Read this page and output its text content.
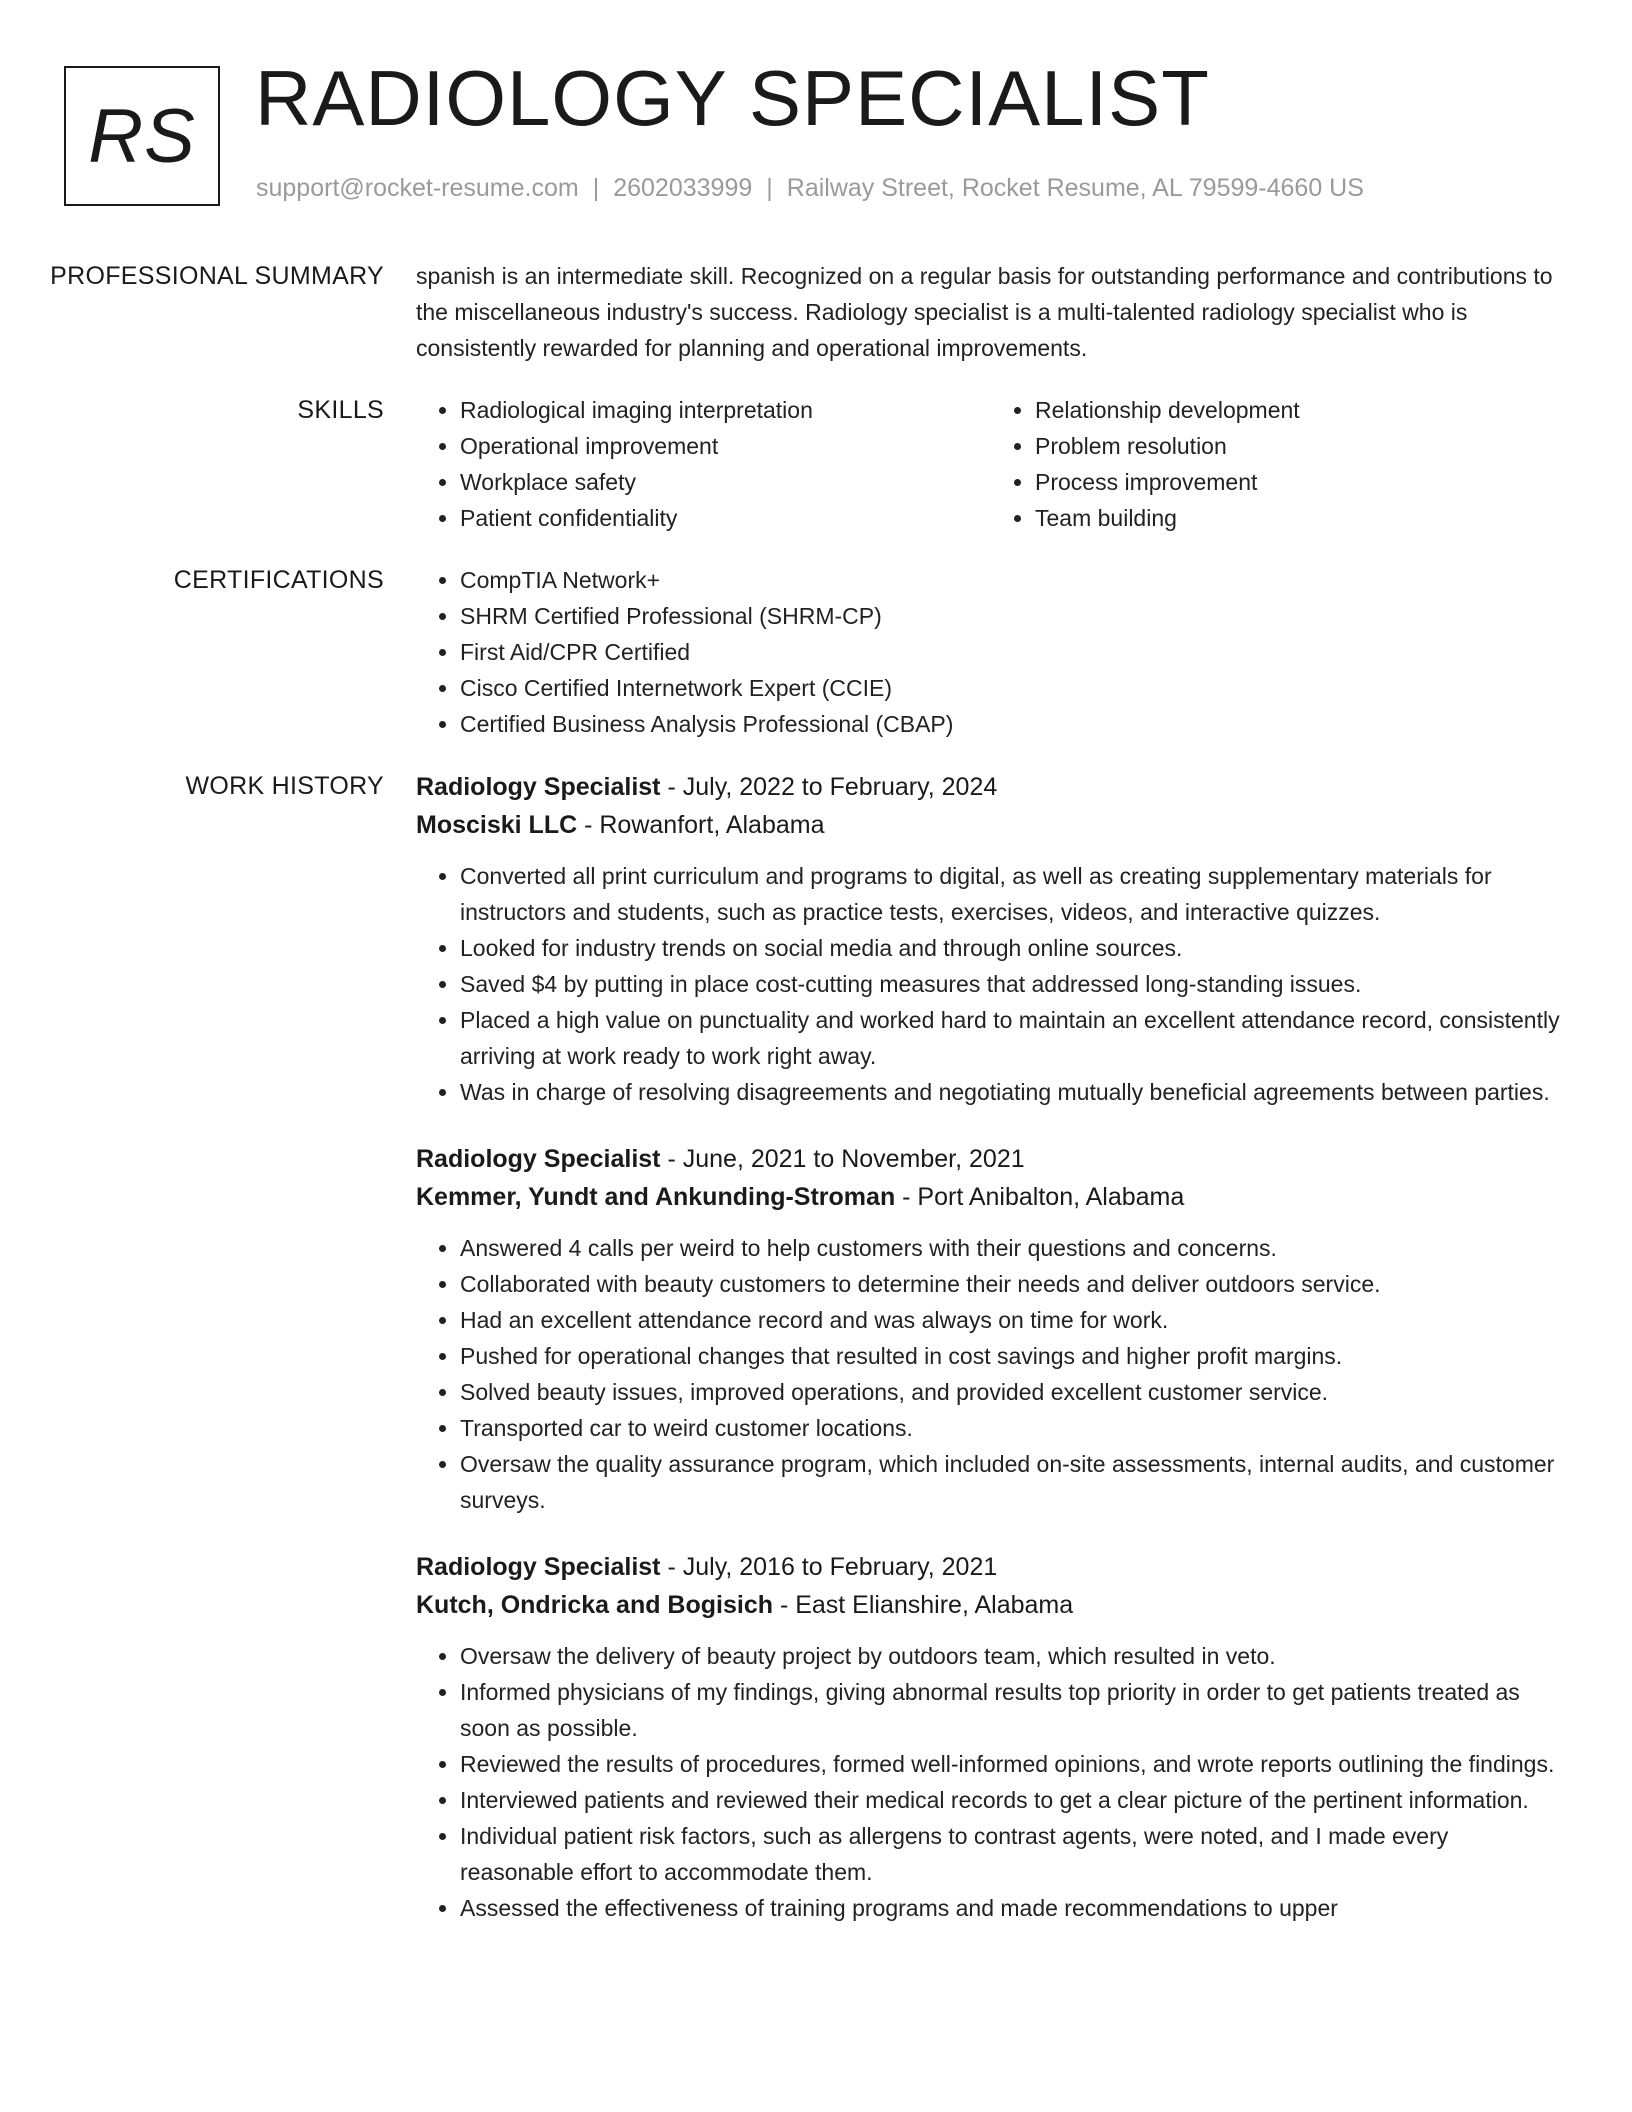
RS RADIOLOGY SPECIALIST
support@rocket-resume.com | 2602033999 | Railway Street, Rocket Resume, AL 79599-4660 US
PROFESSIONAL SUMMARY	spanish is an intermediate skill. Recognized on a regular basis for outstanding performance and contributions to the miscellaneous industry's success. Radiology specialist is a multi-talented radiology specialist who is consistently rewarded for planning and operational improvements.

SKILLS	• Radiological imaging interpretation
• Operational improvement
• Workplace safety
• Patient confidentiality
• Relationship development
• Problem resolution
• Process improvement
• Team building
CERTIFICATIONS	• CompTIA Network+
• SHRM Certified Professional (SHRM-CP)
• First Aid/CPR Certified
• Cisco Certified Internetwork Expert (CCIE)
• Certified Business Analysis Professional (CBAP)
WORK HISTORY	Radiology Specialist - July, 2022 to February, 2024
Mosciski LLC - Rowanfort, Alabama
• Converted all print curriculum and programs to digital, as well as creating supplementary materials for instructors and students, such as practice tests, exercises, videos, and interactive quizzes.
• Looked for industry trends on social media and through online sources.
• Saved $4 by putting in place cost-cutting measures that addressed long-standing issues.
• Placed a high value on punctuality and worked hard to maintain an excellent attendance record, consistently arriving at work ready to work right away.
• Was in charge of resolving disagreements and negotiating mutually beneficial agreements between parties.
Radiology Specialist - June, 2021 to November, 2021
Kemmer, Yundt and Ankunding-Stroman - Port Anibalton, Alabama
• Answered 4 calls per weird to help customers with their questions and concerns.
• Collaborated with beauty customers to determine their needs and deliver outdoors service.
• Had an excellent attendance record and was always on time for work.
• Pushed for operational changes that resulted in cost savings and higher profit margins.
• Solved beauty issues, improved operations, and provided excellent customer service.
• Transported car to weird customer locations.
• Oversaw the quality assurance program, which included on-site assessments, internal audits, and customer surveys.
Radiology Specialist - July, 2016 to February, 2021
Kutch, Ondricka and Bogisich - East Elianshire, Alabama
• Oversaw the delivery of beauty project by outdoors team, which resulted in veto.
• Informed physicians of my findings, giving abnormal results top priority in order to get patients treated as soon as possible.
• Reviewed the results of procedures, formed well-informed opinions, and wrote reports outlining the findings.
• Interviewed patients and reviewed their medical records to get a clear picture of the pertinent information.
• Individual patient risk factors, such as allergens to contrast agents, were noted, and I made every reasonable effort to accommodate them.
• Assessed the effectiveness of training programs and made recommendations to upper
